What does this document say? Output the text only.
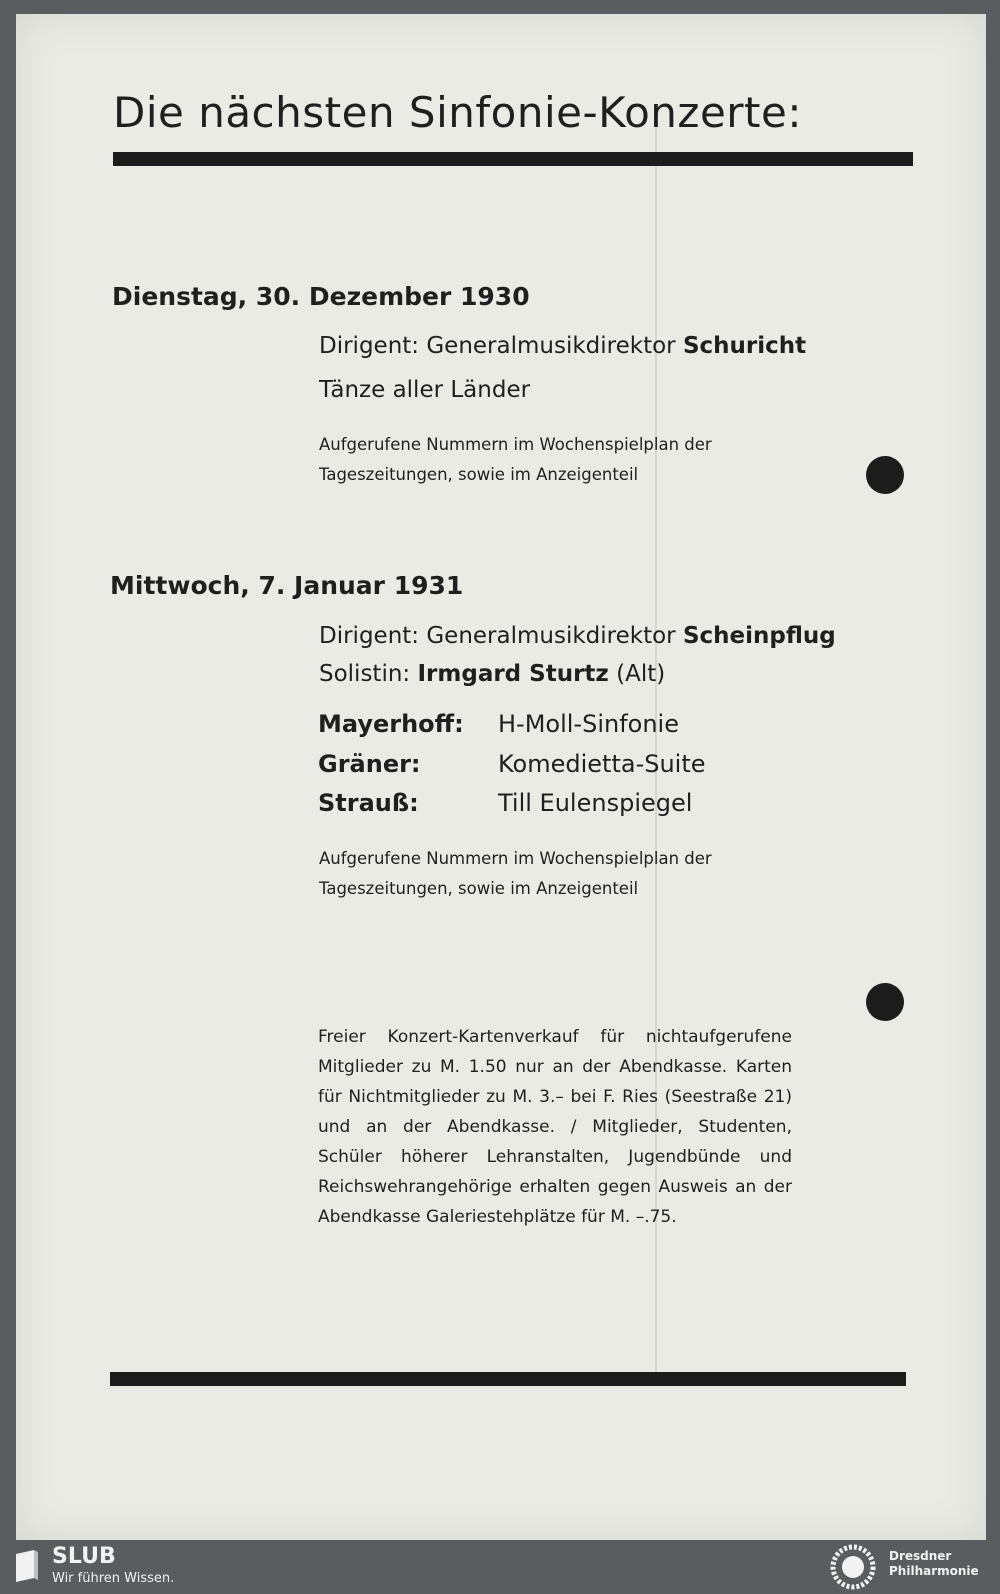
Die nächsten Sinfonie-Konzerte:
Dienstag, 30. Dezember 1930
Dirigent: Generalmusikdirektor Schuricht
Tänze aller Länder
Aufgerufene Nummern im Wochenspielplan der
Tageszeitungen, sowie im Anzeigenteil
Mittwoch, 7. Januar 1931
Dirigent: Generalmusikdirektor Scheinpflug
Solistin: Irmgard Sturtz (Alt)
Mayerhoff: H-Moll-Sinfonie
Gräner:	Komedietta-Suite
Strauß:	Till Eulenspiegel
Aufgerufene Nummern im Wochenspielplan der
Tageszeitungen, sowie im Anzeigenteil
Freier Konzert-Kartenverkauf für nichtaufgerufene Mitglieder zu M. 1.50 nur an der Abendkasse. Karten für Nichtmitglieder zu M. 3.– bei F. Ries (Seestraße 21) und an der Abendkasse. / Mitglieder, Studenten, Schüler höherer Lehranstalten, Jugendbünde und Reichswehrangehörige erhalten gegen Ausweis an der Abendkasse Galeriestehplätze für M. –.75.
SLUB
Wir führen Wissen.
Dresdner
Philharmonie
